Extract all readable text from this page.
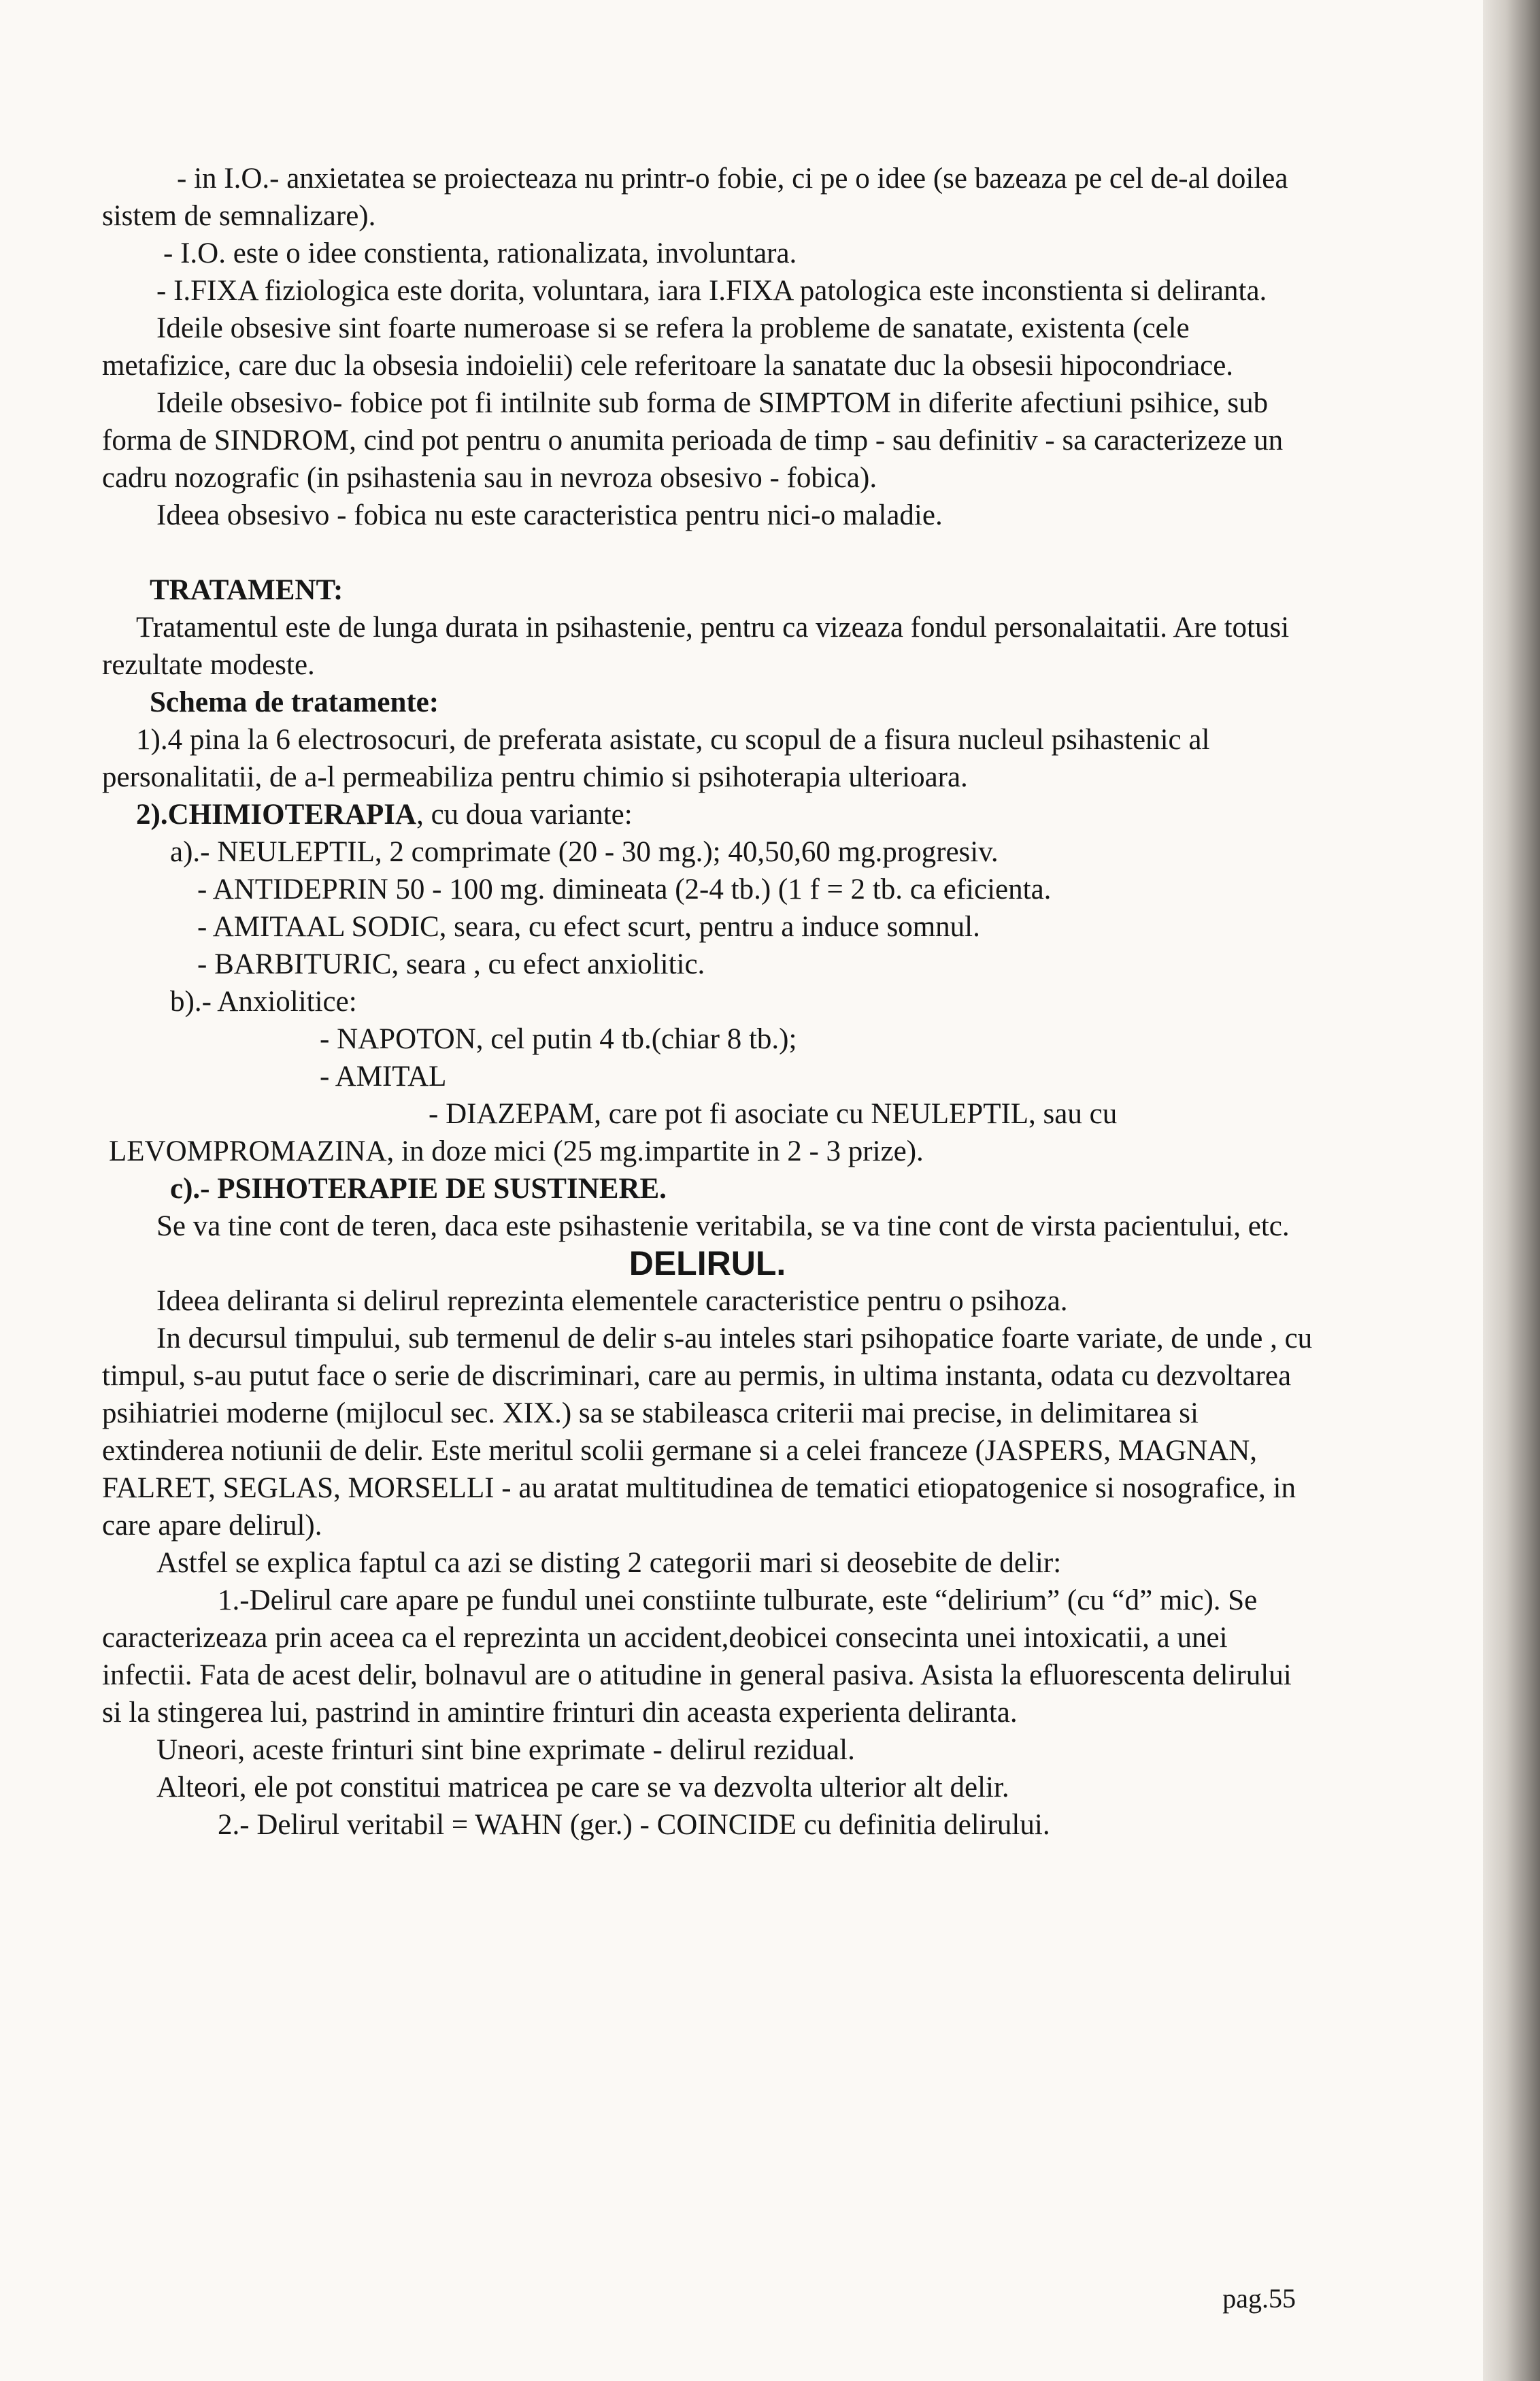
- in I.O.- anxietatea se proiecteaza nu printr-o fobie, ci pe o idee (se bazeaza pe cel de-al doilea sistem de semnalizare).

- I.O. este o idee constienta, rationalizata, involuntara.

- I.FIXA fiziologica este dorita, voluntara, iara I.FIXA patologica este inconstienta si deliranta.

Ideile obsesive sint foarte numeroase si se refera la probleme de sanatate, existenta (cele metafizice, care duc la obsesia indoielii) cele referitoare la sanatate duc la obsesii hipocondriace.

Ideile obsesivo- fobice pot fi intilnite sub forma de SIMPTOM in diferite afectiuni psihice, sub forma de SINDROM, cind pot pentru o anumita perioada de timp - sau definitiv - sa caracterizeze un cadru nozografic (in psihastenia sau in nevroza obsesivo - fobica).

Ideea obsesivo - fobica nu este caracteristica pentru nici-o maladie.

TRATAMENT:

Tratamentul este de lunga durata in psihastenie, pentru ca vizeaza fondul personalaitatii. Are totusi rezultate modeste.

Schema de tratamente:

1).4 pina la 6 electrosocuri, de preferata asistate, cu scopul de a fisura nucleul psihastenic al personalitatii, de a-l permeabiliza pentru chimio si psihoterapia ulterioara.

2).CHIMIOTERAPIA, cu doua variante:

a).- NEULEPTIL, 2 comprimate (20 - 30 mg.); 40,50,60 mg.progresiv.

- ANTIDEPRIN 50 - 100 mg. dimineata (2-4 tb.) (1 f = 2 tb. ca eficienta.

- AMITAAL SODIC, seara, cu efect scurt, pentru a induce somnul.

- BARBITURIC, seara , cu efect anxiolitic.

b).- Anxiolitice:

- NAPOTON, cel putin 4 tb.(chiar 8 tb.);

- AMITAL

- DIAZEPAM, care pot fi asociate cu NEULEPTIL, sau cu

LEVOMPROMAZINA, in doze mici (25 mg.impartite in 2 - 3 prize).

c).- PSIHOTERAPIE DE SUSTINERE.

Se va tine cont de teren, daca este psihastenie veritabila, se va tine cont de virsta pacientului, etc.

DELIRUL.

Ideea deliranta si delirul reprezinta elementele caracteristice pentru o psihoza.

In decursul timpului, sub termenul de delir s-au inteles stari psihopatice foarte variate, de unde , cu timpul, s-au putut face o serie de discriminari, care au permis, in ultima instanta, odata cu dezvoltarea psihiatriei moderne (mijlocul sec. XIX.) sa se stabileasca criterii mai precise, in delimitarea si extinderea notiunii de delir. Este meritul scolii germane si a celei franceze (JASPERS, MAGNAN, FALRET, SEGLAS, MORSELLI - au aratat multitudinea de tematici etiopatogenice si nosografice, in care apare delirul).

Astfel se explica faptul ca azi se disting 2 categorii mari si deosebite de delir:

1.-Delirul care apare pe fundul unei constiinte tulburate, este “delirium” (cu “d” mic). Se caracterizeaza prin aceea ca el reprezinta un accident,deobicei consecinta unei intoxicatii, a unei infectii. Fata de acest delir, bolnavul are o atitudine in general pasiva. Asista la efluorescenta delirului si la stingerea lui, pastrind in amintire frinturi din aceasta experienta deliranta.

Uneori, aceste frinturi sint bine exprimate - delirul rezidual.

Alteori, ele pot constitui matricea pe care se va dezvolta ulterior alt delir.

2.- Delirul veritabil = WAHN (ger.) - COINCIDE cu definitia delirului.

pag.55
